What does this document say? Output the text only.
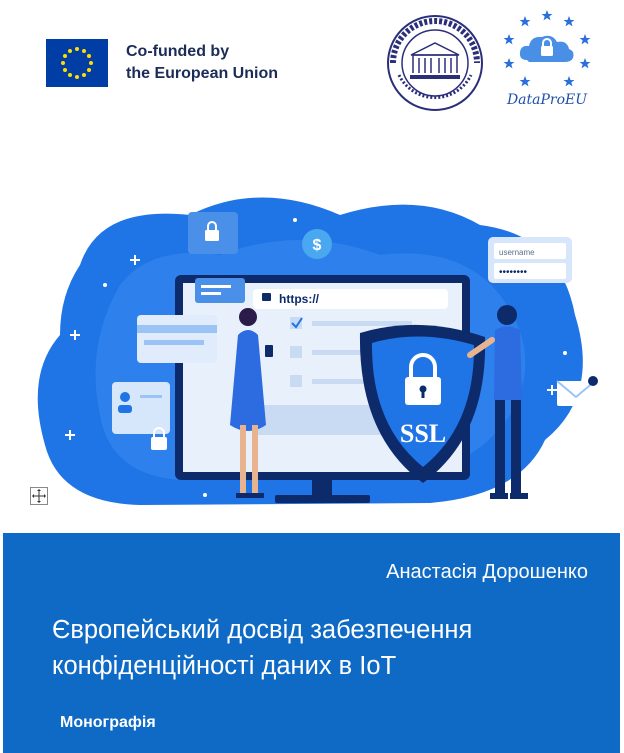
Co-funded by
the European Union
DataProEU
https://
$	username
••••••••
SSL
Анастасія Дорошенко
Європейський досвід забезпечення
конфіденційності даних в IoT
Монографія
